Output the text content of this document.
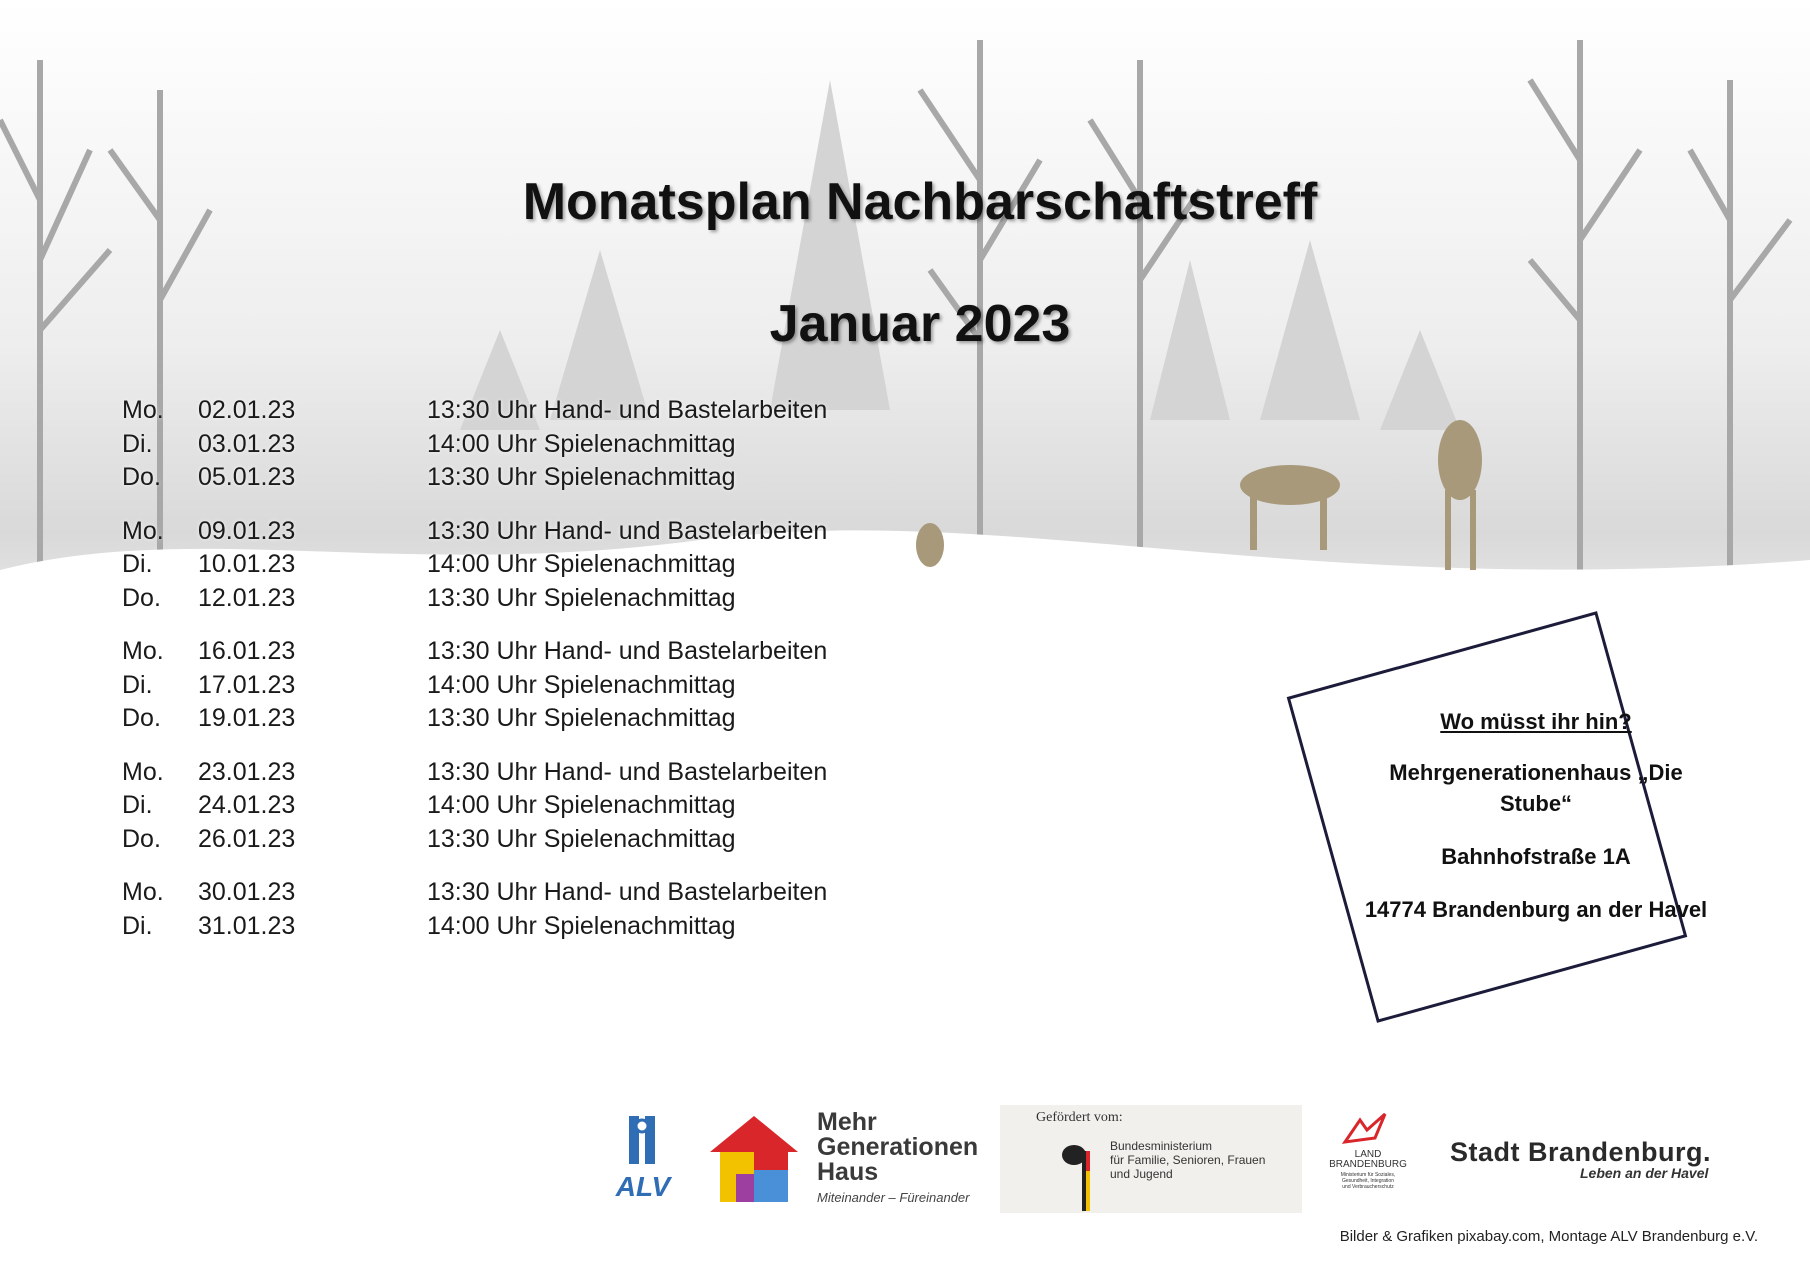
Monatsplan Nachbarschaftstreff
Januar 2023
Mo. 02.01.23	13:30 Uhr Hand- und Bastelarbeiten
Di. 03.01.23	14:00 Uhr Spielenachmittag
Do. 05.01.23	13:30 Uhr Spielenachmittag
Mo. 09.01.23	13:30 Uhr Hand- und Bastelarbeiten
Di. 10.01.23	14:00 Uhr Spielenachmittag
Do. 12.01.23	13:30 Uhr Spielenachmittag
Mo. 16.01.23	13:30 Uhr Hand- und Bastelarbeiten
Di. 17.01.23	14:00 Uhr Spielenachmittag
Do. 19.01.23	13:30 Uhr Spielenachmittag
Mo. 23.01.23	13:30 Uhr Hand- und Bastelarbeiten
Di. 24.01.23	14:00 Uhr Spielenachmittag
Do. 26.01.23	13:30 Uhr Spielenachmittag
Mo. 30.01.23	13:30 Uhr Hand- und Bastelarbeiten
Di. 31.01.23	14:00 Uhr Spielenachmittag

Wo müsst ihr hin?

Mehrgenerationenhaus „Die Stube“

Bahnhofstraße 1A

14774 Brandenburg an der Havel

ALV
Mehr
Generationen
Haus
Miteinander – Füreinander
Gefördert vom:
Bundesministerium
für Familie, Senioren, Frauen
und Jugend
LAND
BRANDENBURG
Ministerium für Soziales,
Gesundheit, Integration
und Verbraucherschutz
Stadt Brandenburg.
Leben an der Havel
Bilder & Grafiken pixabay.com, Montage ALV Brandenburg e.V.
